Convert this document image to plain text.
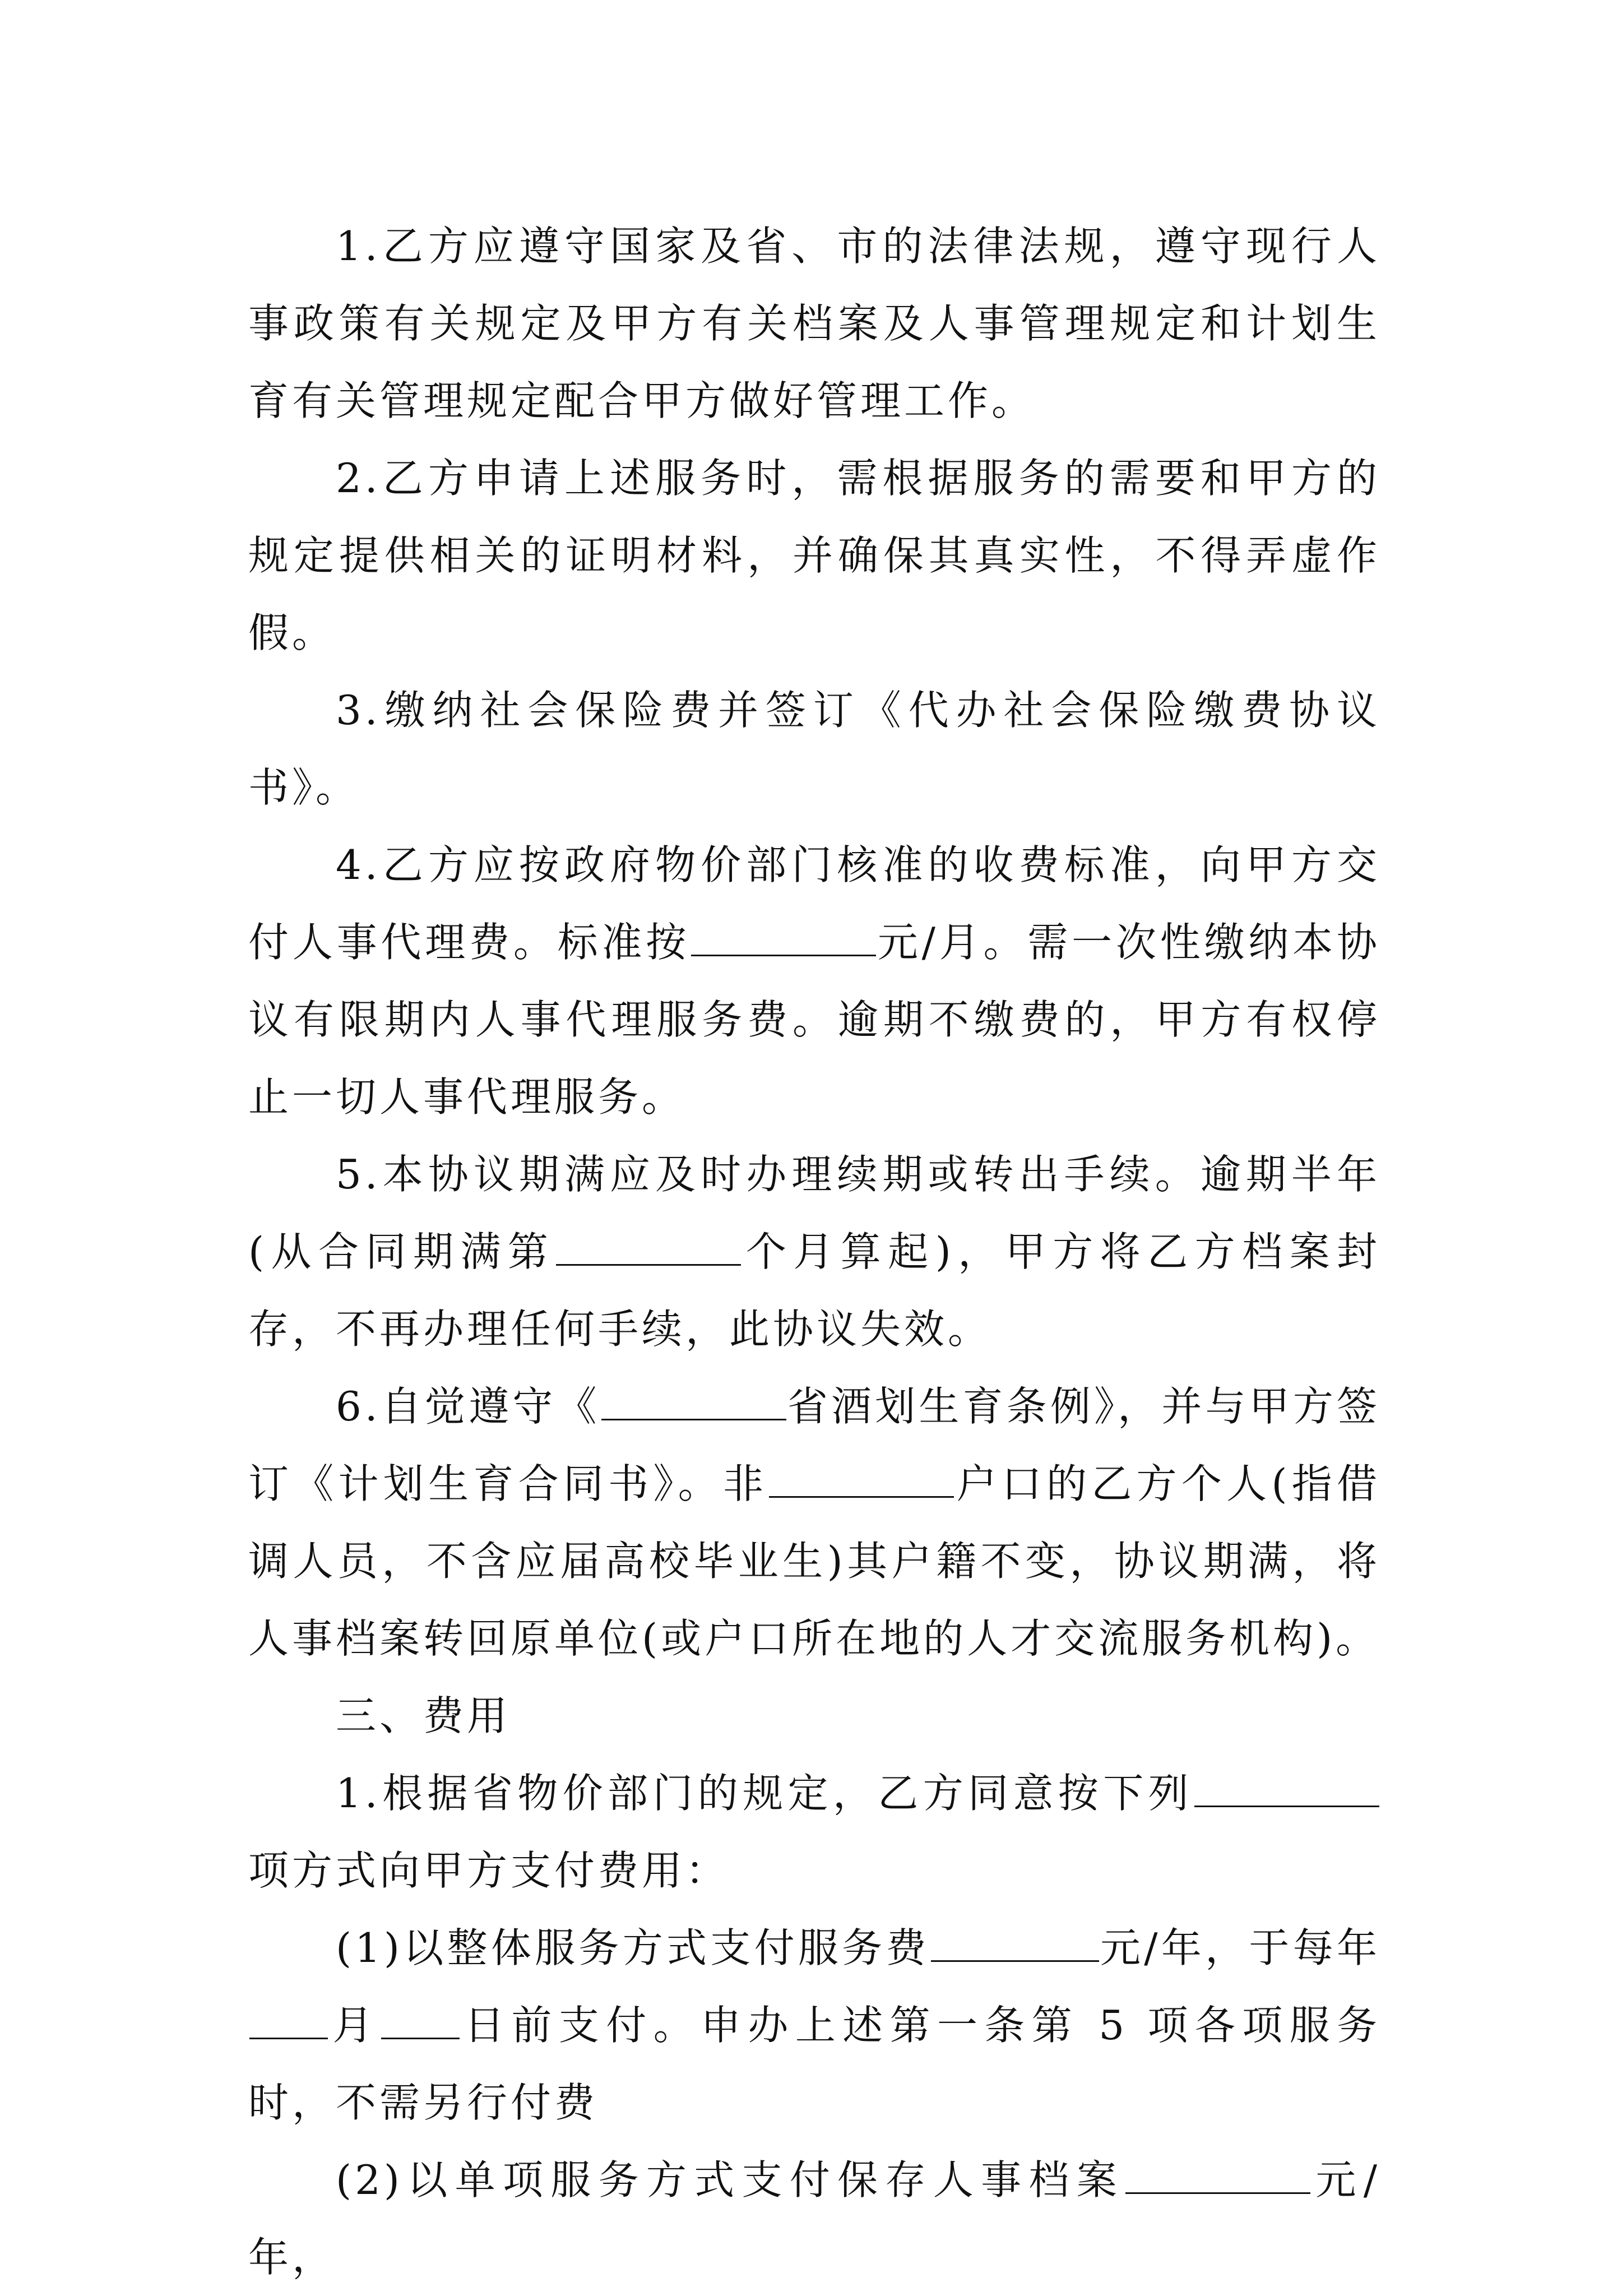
1.乙方应遵守国家及省、市的法律法规，遵守现行人事政策有关规定及甲方有关档案及人事管理规定和计划生育有关管理规定配合甲方做好管理工作。

2.乙方申请上述服务时，需根据服务的需要和甲方的规定提供相关的证明材料，并确保其真实性，不得弄虚作假。

3.缴纳社会保险费并签订《代办社会保险缴费协议书》。

4.乙方应按政府物价部门核准的收费标准，向甲方交付人事代理费。标准按	元/月。需一次性缴纳本协议有限期内人事代理服务费。逾期不缴费的，甲方有权停止一切人事代理服务。

5.本协议期满应及时办理续期或转出手续。逾期半年(从合同期满第	个月算起)，甲方将乙方档案封存，不再办理任何手续，此协议失效。

6.自觉遵守《	省酒划生育条例》，并与甲方签订《计划生育合同书》。非	户口的乙方个人(指借调人员，不含应届高校毕业生)其户籍不变，协议期满，将人事档案转回原单位(或户口所在地的人才交流服务机构)。

三、费用

1.根据省物价部门的规定，乙方同意按下列项方式向甲方支付费用：

(1)以整体服务方式支付服务费	元/年，于每年月 日前支付。申办上述第一条第 5 项各项服务时，不需另行付费

(2)以单项服务方式支付保存人事档案	元/年，
